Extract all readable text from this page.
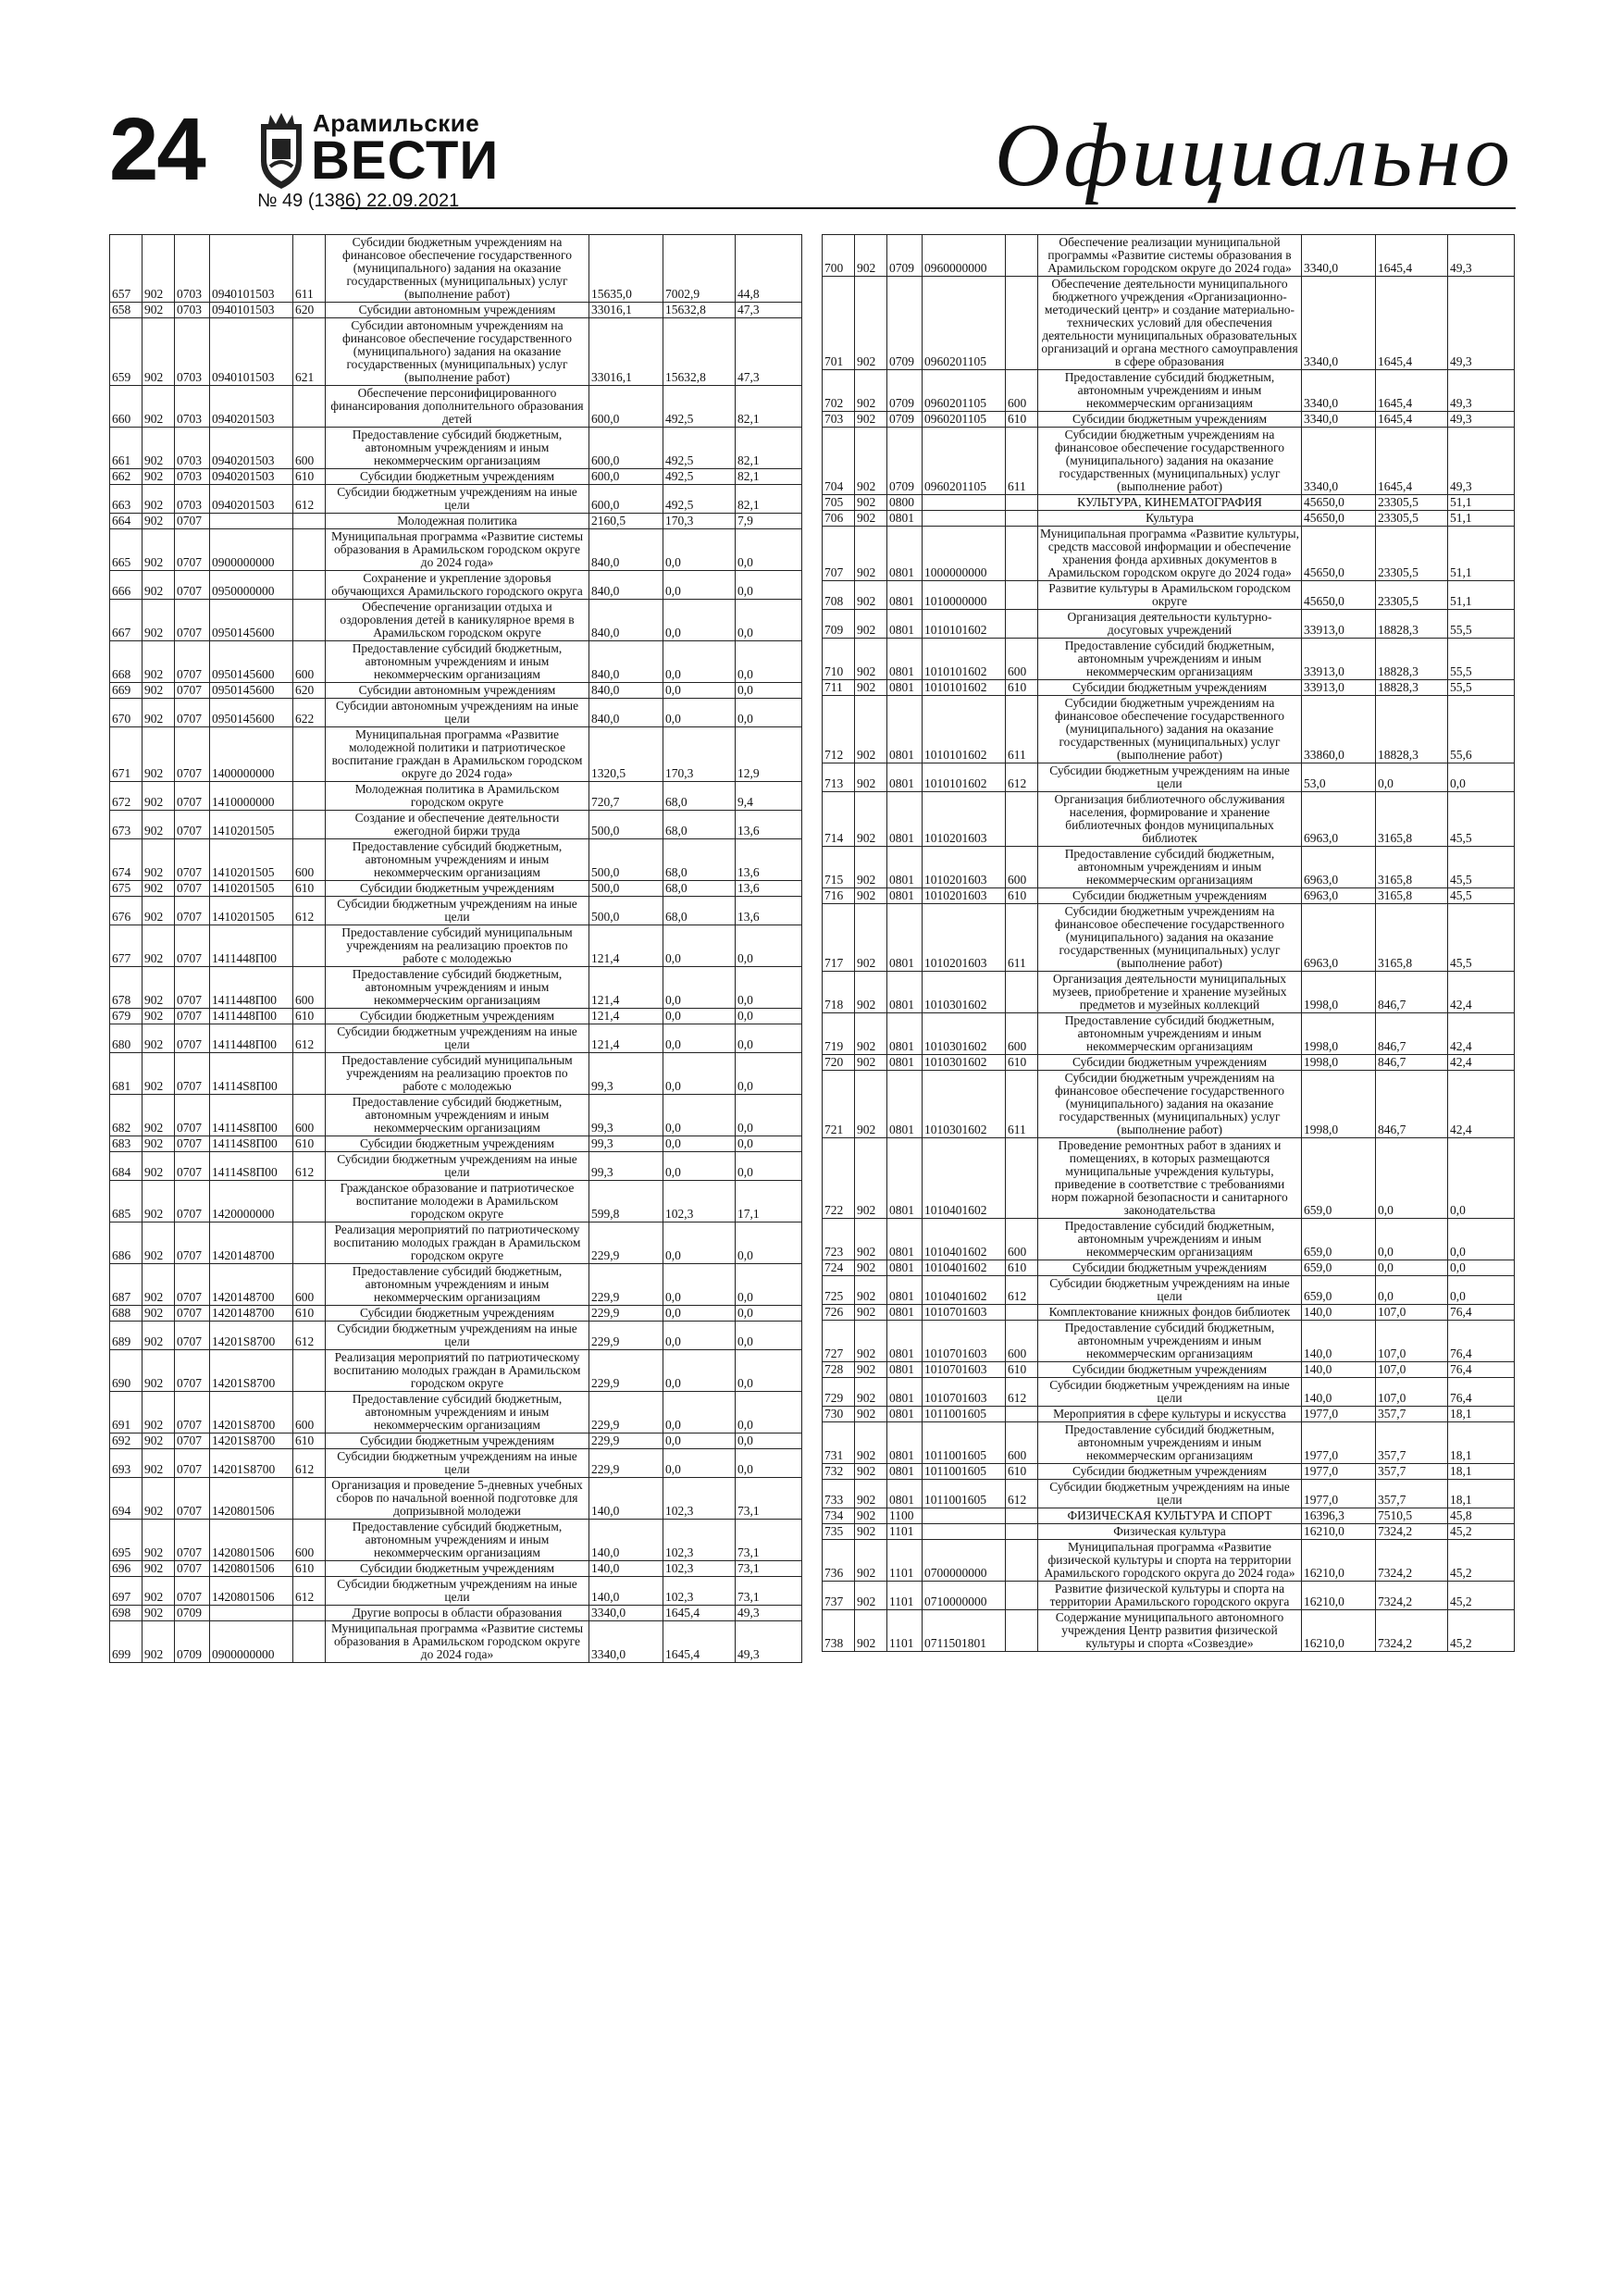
24	Арамильские
ВЕСТИ
№ 49 (1386) 22.09.2021	Официально
657	902	0703	0940101503	611	Субсидии бюджетным учреждениям на финансовое обеспечение государственного (муниципального) задания на оказание государственных (муниципальных) услуг (выполнение работ)	15635,0	7002,9	44,8
658	902	0703	0940101503	620	Субсидии автономным учреждениям	33016,1	15632,8	47,3
659	902	0703	0940101503	621	Субсидии автономным учреждениям на финансовое обеспечение государственного (муниципального) задания на оказание государственных (муниципальных) услуг (выполнение работ)	33016,1	15632,8	47,3
660	902	0703	0940201503		Обеспечение персонифицированного финансирования дополнительного образования детей	600,0	492,5	82,1
661	902	0703	0940201503	600	Предоставление субсидий бюджетным, автономным учреждениям и иным некоммерческим организациям	600,0	492,5	82,1
662	902	0703	0940201503	610	Субсидии бюджетным учреждениям	600,0	492,5	82,1
663	902	0703	0940201503	612	Субсидии бюджетным учреждениям на иные цели	600,0	492,5	82,1
664	902	0707			Молодежная политика	2160,5	170,3	7,9
665	902	0707	0900000000		Муниципальная программа «Развитие системы образования в Арамильском городском округе до 2024 года»	840,0	0,0	0,0
666	902	0707	0950000000		Сохранение и укрепление здоровья обучающихся Арамильского городского округа	840,0	0,0	0,0
667	902	0707	0950145600		Обеспечение организации отдыха и оздоровления детей в каникулярное время в Арамильском городском округе	840,0	0,0	0,0
668	902	0707	0950145600	600	Предоставление субсидий бюджетным, автономным учреждениям и иным некоммерческим организациям	840,0	0,0	0,0
669	902	0707	0950145600	620	Субсидии автономным учреждениям	840,0	0,0	0,0
670	902	0707	0950145600	622	Субсидии автономным учреждениям на иные цели	840,0	0,0	0,0
671	902	0707	1400000000		Муниципальная программа «Развитие молодежной политики и патриотическое воспитание граждан в Арамильском городском округе до 2024 года»	1320,5	170,3	12,9
672	902	0707	1410000000		Молодежная политика в Арамильском городском округе	720,7	68,0	9,4
673	902	0707	1410201505		Создание и обеспечение деятельности ежегодной биржи труда	500,0	68,0	13,6
674	902	0707	1410201505	600	Предоставление субсидий бюджетным, автономным учреждениям и иным некоммерческим организациям	500,0	68,0	13,6
675	902	0707	1410201505	610	Субсидии бюджетным учреждениям	500,0	68,0	13,6
676	902	0707	1410201505	612	Субсидии бюджетным учреждениям на иные цели	500,0	68,0	13,6
677	902	0707	1411448П00		Предоставление субсидий муниципальным учреждениям на реализацию проектов по работе с молодежью	121,4	0,0	0,0
678	902	0707	1411448П00	600	Предоставление субсидий бюджетным, автономным учреждениям и иным некоммерческим организациям	121,4	0,0	0,0
679	902	0707	1411448П00	610	Субсидии бюджетным учреждениям	121,4	0,0	0,0
680	902	0707	1411448П00	612	Субсидии бюджетным учреждениям на иные цели	121,4	0,0	0,0
681	902	0707	14114S8П00		Предоставление субсидий муниципальным учреждениям на реализацию проектов по работе с молодежью	99,3	0,0	0,0
682	902	0707	14114S8П00	600	Предоставление субсидий бюджетным, автономным учреждениям и иным некоммерческим организациям	99,3	0,0	0,0
683	902	0707	14114S8П00	610	Субсидии бюджетным учреждениям	99,3	0,0	0,0
684	902	0707	14114S8П00	612	Субсидии бюджетным учреждениям на иные цели	99,3	0,0	0,0
685	902	0707	1420000000		Гражданское образование и патриотическое воспитание молодежи в Арамильском городском округе	599,8	102,3	17,1
686	902	0707	1420148700		Реализация мероприятий по патриотическому воспитанию молодых граждан в Арамильском городском округе	229,9	0,0	0,0
687	902	0707	1420148700	600	Предоставление субсидий бюджетным, автономным учреждениям и иным некоммерческим организациям	229,9	0,0	0,0
688	902	0707	1420148700	610	Субсидии бюджетным учреждениям	229,9	0,0	0,0
689	902	0707	14201S8700	612	Субсидии бюджетным учреждениям на иные цели	229,9	0,0	0,0
690	902	0707	14201S8700		Реализация мероприятий по патриотическому воспитанию молодых граждан в Арамильском городском округе	229,9	0,0	0,0
691	902	0707	14201S8700	600	Предоставление субсидий бюджетным, автономным учреждениям и иным некоммерческим организациям	229,9	0,0	0,0
692	902	0707	14201S8700	610	Субсидии бюджетным учреждениям	229,9	0,0	0,0
693	902	0707	14201S8700	612	Субсидии бюджетным учреждениям на иные цели	229,9	0,0	0,0
694	902	0707	1420801506		Организация и проведение 5-дневных учебных сборов по начальной военной подготовке для допризывной молодежи	140,0	102,3	73,1
695	902	0707	1420801506	600	Предоставление субсидий бюджетным, автономным учреждениям и иным некоммерческим организациям	140,0	102,3	73,1
696	902	0707	1420801506	610	Субсидии бюджетным учреждениям	140,0	102,3	73,1
697	902	0707	1420801506	612	Субсидии бюджетным учреждениям на иные цели	140,0	102,3	73,1
698	902	0709			Другие вопросы в области образования	3340,0	1645,4	49,3
699	902	0709	0900000000		Муниципальная программа «Развитие системы образования в Арамильском городском округе до 2024 года»	3340,0	1645,4	49,3
700	902	0709	0960000000		Обеспечение реализации муниципальной программы «Развитие системы образования в Арамильском городском округе до 2024 года»	3340,0	1645,4	49,3
701	902	0709	0960201105		Обеспечение деятельности муниципального бюджетного учреждения «Организационно-методический центр» и создание материально-технических условий для обеспечения деятельности муниципальных образовательных организаций и органа местного самоуправления в сфере образования	3340,0	1645,4	49,3
702	902	0709	0960201105	600	Предоставление субсидий бюджетным, автономным учреждениям и иным некоммерческим организациям	3340,0	1645,4	49,3
703	902	0709	0960201105	610	Субсидии бюджетным учреждениям	3340,0	1645,4	49,3
704	902	0709	0960201105	611	Субсидии бюджетным учреждениям на финансовое обеспечение государственного (муниципального) задания на оказание государственных (муниципальных) услуг (выполнение работ)	3340,0	1645,4	49,3
705	902	0800			КУЛЬТУРА, КИНЕМАТОГРАФИЯ	45650,0	23305,5	51,1
706	902	0801			Культура	45650,0	23305,5	51,1
707	902	0801	1000000000		Муниципальная программа «Развитие культуры, средств массовой информации и обеспечение хранения фонда архивных документов в Арамильском городском округе до 2024 года»	45650,0	23305,5	51,1
708	902	0801	1010000000		Развитие культуры в Арамильском городском округе	45650,0	23305,5	51,1
709	902	0801	1010101602		Организация деятельности культурно-досуговых учреждений	33913,0	18828,3	55,5
710	902	0801	1010101602	600	Предоставление субсидий бюджетным, автономным учреждениям и иным некоммерческим организациям	33913,0	18828,3	55,5
711	902	0801	1010101602	610	Субсидии бюджетным учреждениям	33913,0	18828,3	55,5
712	902	0801	1010101602	611	Субсидии бюджетным учреждениям на финансовое обеспечение государственного (муниципального) задания на оказание государственных (муниципальных) услуг (выполнение работ)	33860,0	18828,3	55,6
713	902	0801	1010101602	612	Субсидии бюджетным учреждениям на иные цели	53,0	0,0	0,0
714	902	0801	1010201603		Организация библиотечного обслуживания населения, формирование и хранение библиотечных фондов муниципальных библиотек	6963,0	3165,8	45,5
715	902	0801	1010201603	600	Предоставление субсидий бюджетным, автономным учреждениям и иным некоммерческим организациям	6963,0	3165,8	45,5
716	902	0801	1010201603	610	Субсидии бюджетным учреждениям	6963,0	3165,8	45,5
717	902	0801	1010201603	611	Субсидии бюджетным учреждениям на финансовое обеспечение государственного (муниципального) задания на оказание государственных (муниципальных) услуг (выполнение работ)	6963,0	3165,8	45,5
718	902	0801	1010301602		Организация деятельности муниципальных музеев, приобретение и хранение музейных предметов и музейных коллекций	1998,0	846,7	42,4
719	902	0801	1010301602	600	Предоставление субсидий бюджетным, автономным учреждениям и иным некоммерческим организациям	1998,0	846,7	42,4
720	902	0801	1010301602	610	Субсидии бюджетным учреждениям	1998,0	846,7	42,4
721	902	0801	1010301602	611	Субсидии бюджетным учреждениям на финансовое обеспечение государственного (муниципального) задания на оказание государственных (муниципальных) услуг (выполнение работ)	1998,0	846,7	42,4
722	902	0801	1010401602		Проведение ремонтных работ в зданиях и помещениях, в которых размещаются муниципальные учреждения культуры, приведение в соответствие с требованиями норм пожарной безопасности и санитарного законодательства	659,0	0,0	0,0
723	902	0801	1010401602	600	Предоставление субсидий бюджетным, автономным учреждениям и иным некоммерческим организациям	659,0	0,0	0,0
724	902	0801	1010401602	610	Субсидии бюджетным учреждениям	659,0	0,0	0,0
725	902	0801	1010401602	612	Субсидии бюджетным учреждениям на иные цели	659,0	0,0	0,0
726	902	0801	1010701603		Комплектование книжных фондов библиотек	140,0	107,0	76,4
727	902	0801	1010701603	600	Предоставление субсидий бюджетным, автономным учреждениям и иным некоммерческим организациям	140,0	107,0	76,4
728	902	0801	1010701603	610	Субсидии бюджетным учреждениям	140,0	107,0	76,4
729	902	0801	1010701603	612	Субсидии бюджетным учреждениям на иные цели	140,0	107,0	76,4
730	902	0801	1011001605		Мероприятия в сфере культуры и искусства	1977,0	357,7	18,1
731	902	0801	1011001605	600	Предоставление субсидий бюджетным, автономным учреждениям и иным некоммерческим организациям	1977,0	357,7	18,1
732	902	0801	1011001605	610	Субсидии бюджетным учреждениям	1977,0	357,7	18,1
733	902	0801	1011001605	612	Субсидии бюджетным учреждениям на иные цели	1977,0	357,7	18,1
734	902	1100			ФИЗИЧЕСКАЯ КУЛЬТУРА И СПОРТ	16396,3	7510,5	45,8
735	902	1101			Физическая культура	16210,0	7324,2	45,2
736	902	1101	0700000000		Муниципальная программа «Развитие физической культуры и спорта на территории Арамильского городского округа до 2024 года»	16210,0	7324,2	45,2
737	902	1101	0710000000		Развитие физической культуры и спорта на территории Арамильского городского округа	16210,0	7324,2	45,2
738	902	1101	0711501801		Содержание муниципального автономного учреждения Центр развития физической культуры и спорта «Созвездие»	16210,0	7324,2	45,2
